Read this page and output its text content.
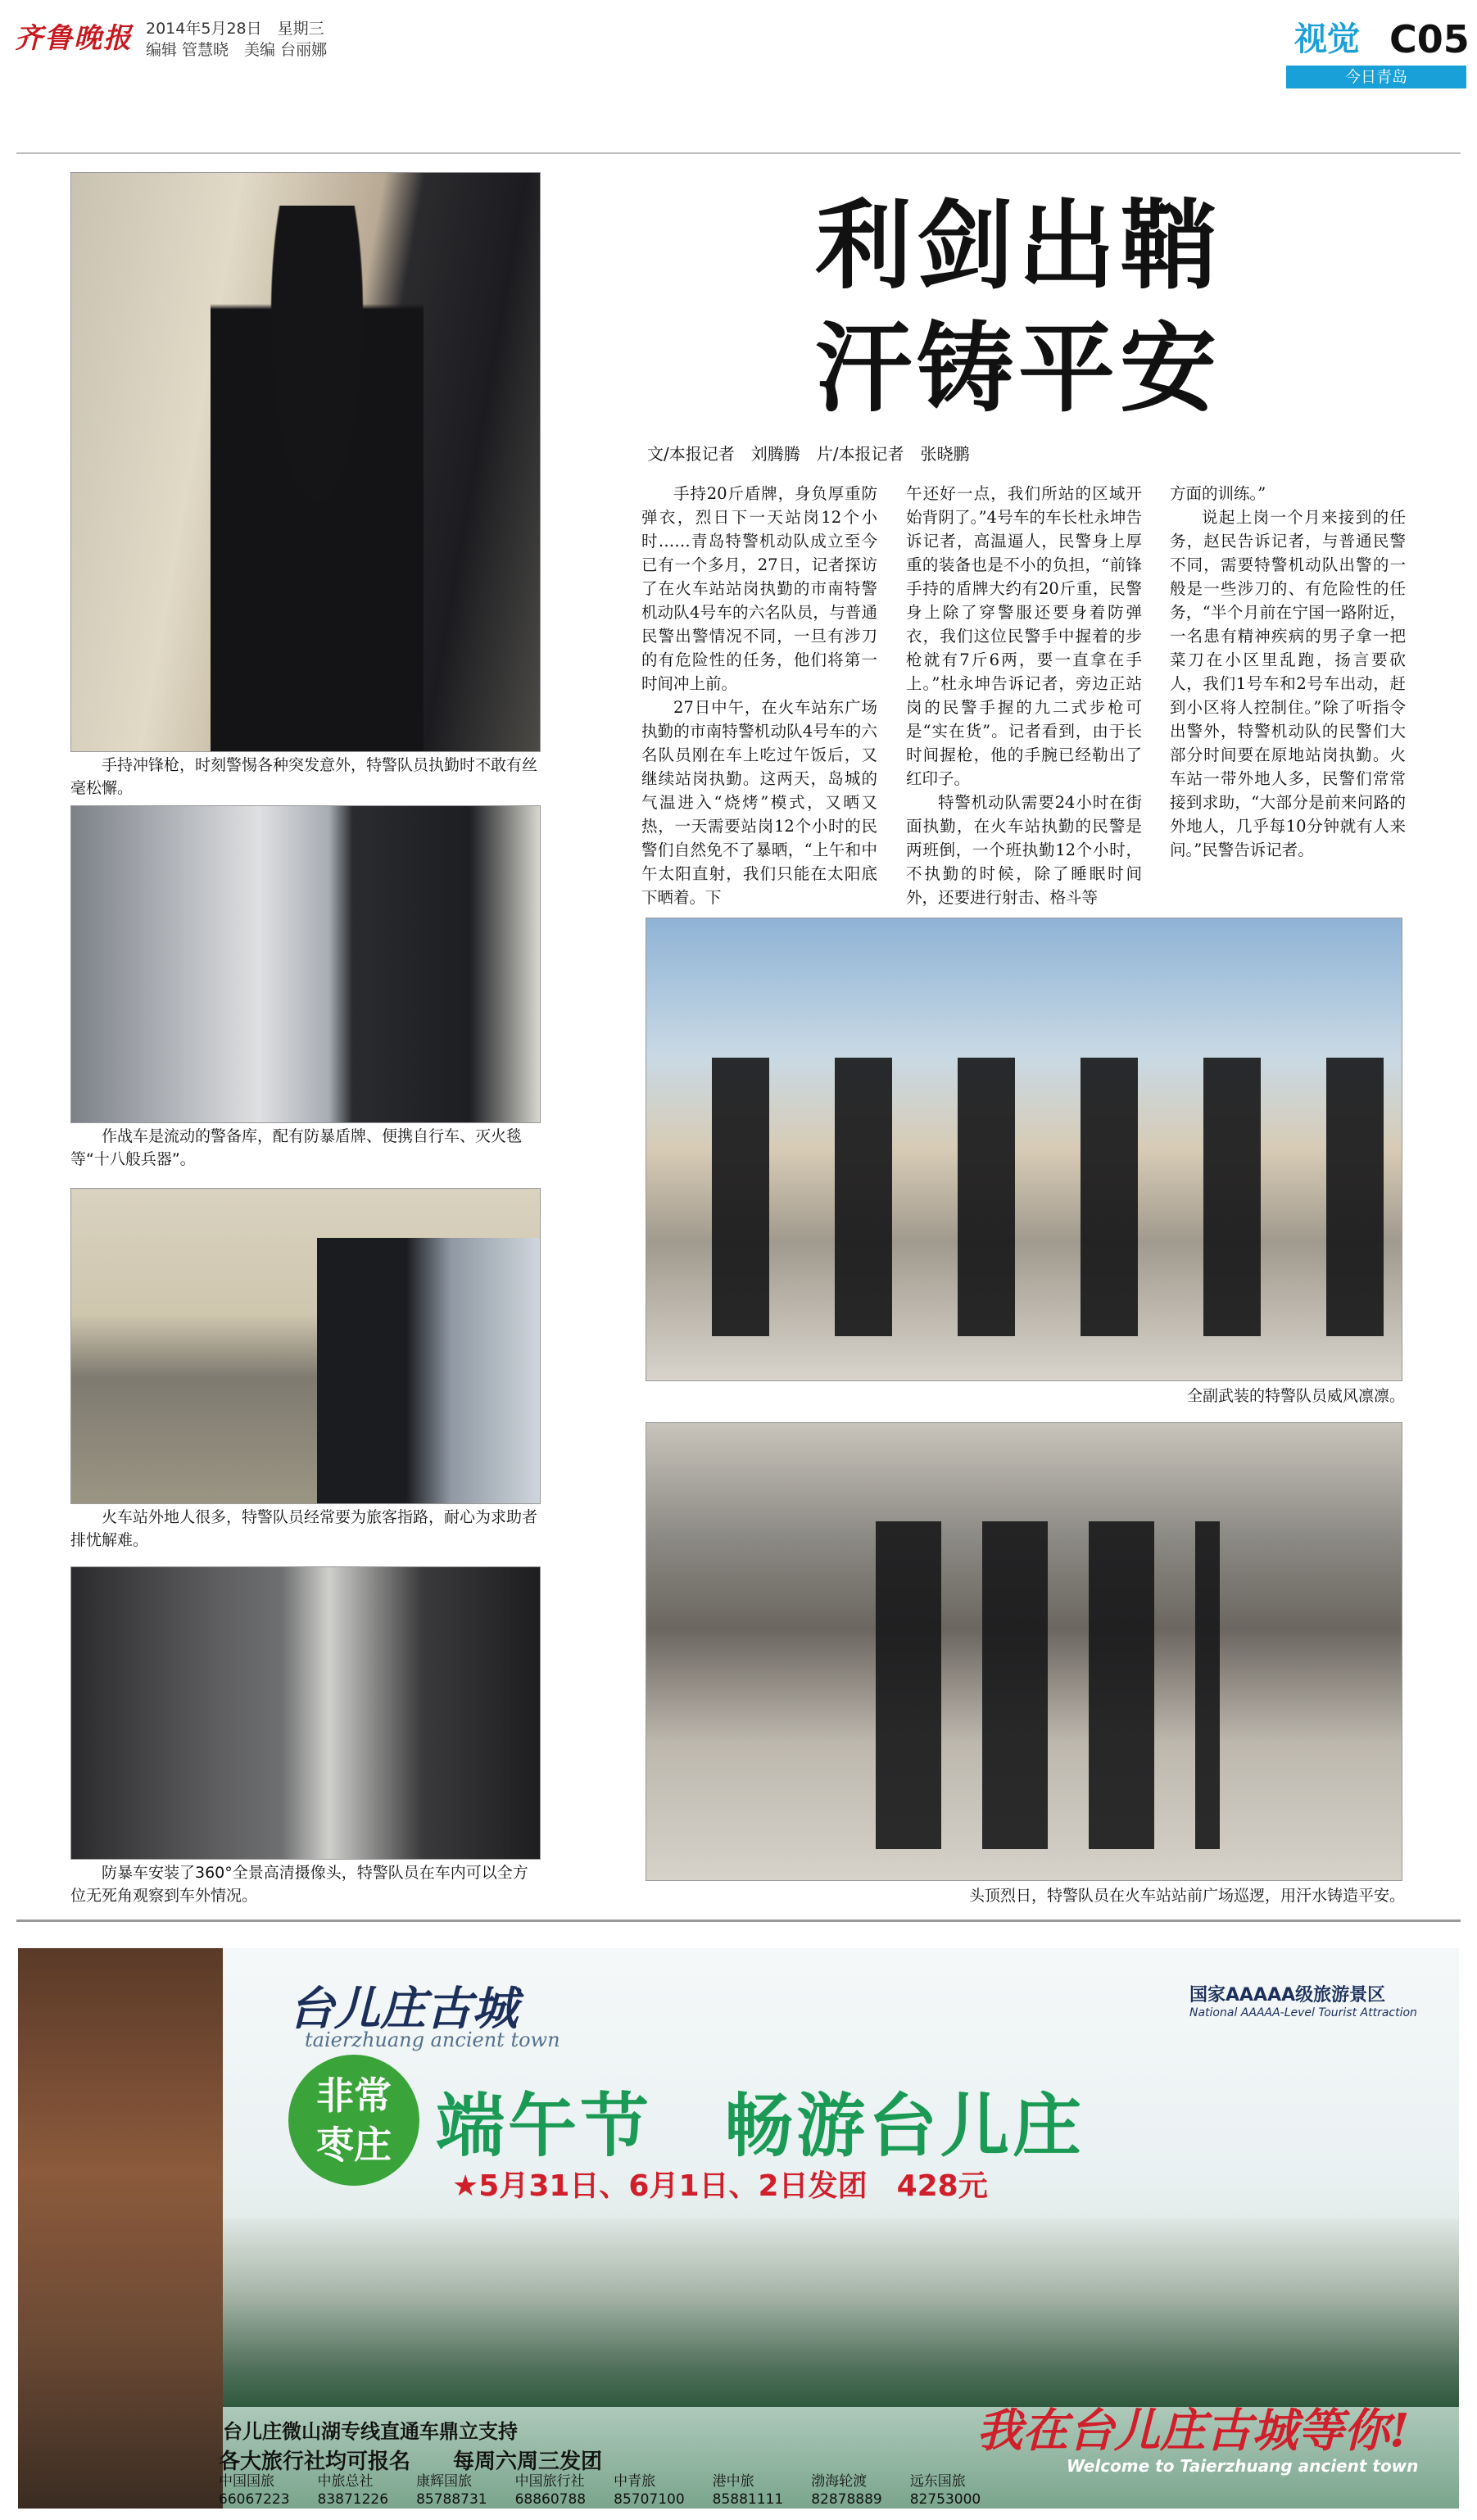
齐鲁晚报 2014年5月28日　星期三
编辑 管慧晓　美编 台丽娜	视觉 C05
今日青岛
手持冲锋枪，时刻警惕各种突发意外，特警队员执勤时不敢有丝毫松懈。
作战车是流动的警备库，配有防暴盾牌、便携自行车、灭火毯等“十八般兵器”。
火车站外地人很多，特警队员经常要为旅客指路，耐心为求助者排忧解难。
防暴车安装了360°全景高清摄像头，特警队员在车内可以全方位无死角观察到车外情况。
利剑出鞘
汗铸平安
文/本报记者　刘腾腾　片/本报记者　张晓鹏

手持20斤盾牌，身负厚重防弹衣，烈日下一天站岗12个小时……青岛特警机动队成立至今已有一个多月，27日，记者探访了在火车站站岗执勤的市南特警机动队4号车的六名队员，与普通民警出警情况不同，一旦有涉刀的有危险性的任务，他们将第一时间冲上前。

27日中午，在火车站东广场执勤的市南特警机动队4号车的六名队员刚在车上吃过午饭后，又继续站岗执勤。这两天，岛城的气温进入“烧烤”模式，又晒又热，一天需要站岗12个小时的民警们自然免不了暴晒，“上午和中午太阳直射，我们只能在太阳底下晒着。下

午还好一点，我们所站的区域开始背阴了。”4号车的车长杜永坤告诉记者，高温逼人，民警身上厚重的装备也是不小的负担，“前锋手持的盾牌大约有20斤重，民警身上除了穿警服还要身着防弹衣，我们这位民警手中握着的步枪就有7斤6两，要一直拿在手上。”杜永坤告诉记者，旁边正站岗的民警手握的九二式步枪可是“实在货”。记者看到，由于长时间握枪，他的手腕已经勒出了红印子。

特警机动队需要24小时在街面执勤，在火车站执勤的民警是两班倒，一个班执勤12个小时，不执勤的时候，除了睡眠时间外，还要进行射击、格斗等

方面的训练。”

说起上岗一个月来接到的任务，赵民告诉记者，与普通民警不同，需要特警机动队出警的一般是一些涉刀的、有危险性的任务，“半个月前在宁国一路附近，一名患有精神疾病的男子拿一把菜刀在小区里乱跑，扬言要砍人，我们1号车和2号车出动，赶到小区将人控制住。”除了听指令出警外，特警机动队的民警们大部分时间要在原地站岗执勤。火车站一带外地人多，民警们常常接到求助，“大部分是前来问路的外地人，几乎每10分钟就有人来问。”民警告诉记者。

全副武装的特警队员威风凛凛。
头顶烈日，特警队员在火车站站前广场巡逻，用汗水铸造平安。
台儿庄古城
taierzhuang ancient town
国家AAAAA级旅游景区
National AAAAA-Level Tourist Attraction
非常
枣庄 端午节　畅游台儿庄
★5月31日、6月1日、2日发团　428元
台儿庄微山湖专线直通车鼎立支持
各大旅行社均可报名　　每周六周三发团
中国国旅
66067223
中旅总社
83871226
康辉国旅
85788731
中国旅行社
68860788
中青旅
85707100
港中旅
85881111
渤海轮渡
82878889
远东国旅
82753000
我在台儿庄古城等你!
Welcome to Taierzhuang ancient town
